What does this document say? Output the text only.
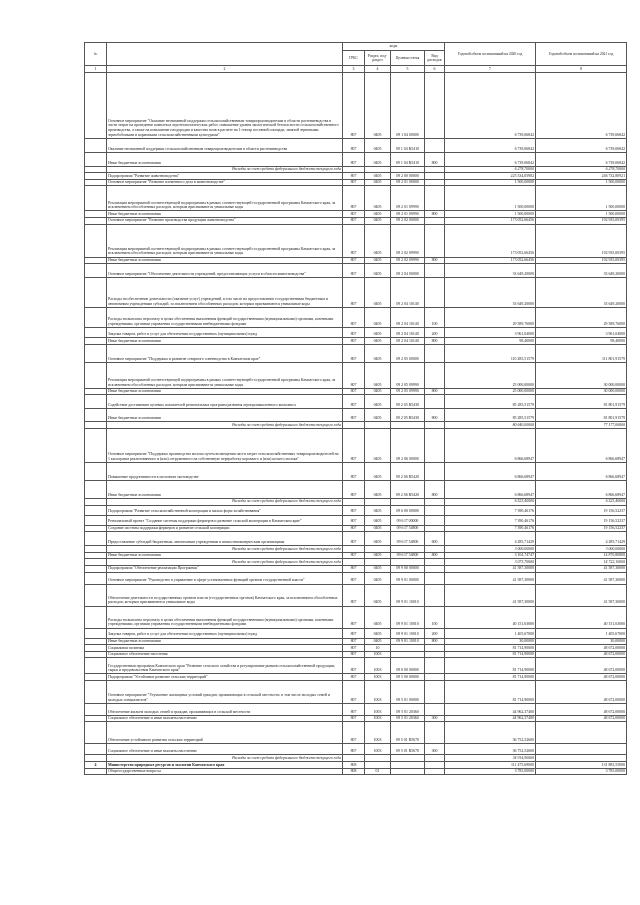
№		коды				Годовой объем ассигнований на 2020 год	Годовой объем ассигнований на 2021 год
		ГРБС	Раздел, под-раздел	Целевая статья	Вид расходов		
1	2	3	4	5	6	7	8
	Основное мероприятие "Оказание несвязанной поддержки сельскохозяйственным товаропроизводителям в области растениеводства в части затрат на проведение комплекса агротехнологических работ, повышение уровня экологической безопасности сельскохозяйственного производства, а также на повышение плодородия и качества почв в расчете на 1 гектар посевной площади, занятой зерновыми, зернобобовыми и кормовыми сельскохозяйственными культурами"	807	0405	09 1 04 00000		6 739,06842	6 739,06842
	Оказание несвязанной поддержки сельскохозяйственным товаропроизводителям в области растениеводства	807	0405	09 1 04 R5410		6 739,06842	6 739,06842
	Иные бюджетные ассигнования	807	0405	09 1 04 R5410	800	6 739,06842	6 739,06842
	Расходы за счет средств федерального бюджета текущего года					6 278,70000	6 278,70000
	Подпрограмма "Развитие животноводства"	807	0405	09 2 00 00000		225 334,05982	246 732,80921
	Основное мероприятие "Развитие племенного дела в животноводстве"	807	0405	09 2 01 00000		1 500,00000	1 500,00000
	Реализация мероприятий соответствующей подпрограммы в рамках соответствующей государственной программы Камчатского края, за исключением обособленных расходов, которым присваиваются уникальные коды	807	0405	09 2 01 09990		1 500,00000	1 500,00000
	Иные бюджетные ассигнования	807	0405	09 2 01 09990	800	1 500,00000	1 500,00000
	Основное мероприятие "Развитие производства продукции животноводства"	807	0405	09 2 02 00000		173 052,66456	192 935,00395
	Реализация мероприятий соответствующей подпрограммы в рамках соответствующей государственной программы Камчатского края, за исключением обособленных расходов, которым присваиваются уникальные коды	807	0405	09 2 02 09990		173 052,66456	192 935,00395
	Иные бюджетные ассигнования	807	0405	09 2 02 09990	800	173 052,66456	192 935,00395
	Основное мероприятие "Обеспечение деятельности учреждений, предоставляющих услуги в области животноводства"	807	0405	09 2 04 00000		33 649,20000	33 649,20000
	Расходы на обеспечение деятельности (оказание услуг) учреждений, в том числе на предоставление государственным бюджетным и автономным учреждениям субсидий, за исключением обособленных расходов, которым присваиваются уникальные коды	807	0405	09 2 04 10140		33 649,20000	33 649,20000
	Расходы на выплаты персоналу в целях обеспечения выполнения функций государственными (муниципальными) органами, казенными учреждениями, органами управления государственными внебюджетными фондами	807	0405	09 2 04 10140	100	29 589,76000	29 589,76000
	Закупка товаров, работ и услуг для обеспечения государственных (муниципальных) нужд	807	0405	09 2 04 10140	200	3 961,04000	3 961,04000
	Иные бюджетные ассигнования	807	0405	09 2 04 10140	800	98,40000	98,40000
	Основное мероприятие "Поддержка и развитие северного оленеводства в Камчатском крае"	807	0405	09 2 05 00000		110 285,51579	111 801,91579
	Реализация мероприятий соответствующей подпрограммы в рамках соответствующей государственной программы Камчатского края, за исключением обособленных расходов, которым присваиваются уникальные коды	807	0405	09 2 05 09990		25 000,00000	30 000,00000
	Иные бюджетные ассигнования	807	0405	09 2 05 09990	800	25 000,00000	30 000,00000
	Содействие достижению целевых показателей региональных программ развития агропромышленного комплекса	807	0405	09 2 05 R5430		85 285,51579	81 801,91579
	Иные бюджетные ассигнования	807	0405	09 2 05 R5430	800	85 285,51579	81 801,91579
	Расходы за счет средств федерального бюджета текущего года					80 640,00000	77 177,00000
	Основное мероприятие "Поддержка производства молока путем возмещения части затрат сельскохозяйственных товаропроизводителей на 1 килограмм реализованного и (или) отгруженного на собственную переработку коровьего и (или) козьего молока"	807	0405	09 2 06 00000		6 866,68947	6 866,68947
	Повышение продуктивности в молочном скотоводстве	807	0405	09 2 06 R5420		6 866,68947	6 866,68947
	Иные бюджетные ассигнования	807	0405	09 2 06 R5420	800	6 866,68947	6 866,68947
	Расходы за счет средств федерального бюджета текущего года					6 523,40000	6 523,40000
	Подпрограмма "Развитие сельскохозяйственной кооперации и малых форм хозяйствования"	807	0405	09 6 00 00000		7 390,46176	19 156,52237
	Региональный проект "Создание системы поддержки фермеров и развитие сельской кооперации в Камчатском крае"	807	0405	09 6 I7 00000		7 390,46176	19 156,52237
	Создание системы поддержки фермеров и развитие сельской кооперации	807	0405	09 6 I7 54800		7 390,46176	19 156,52237
	Предоставление субсидий бюджетным, автономным учреждениям и иным некоммерческим организациям	807	0405	09 6 I7 54800	600	4 285,71429	4 285,71429
	Расходы за счет средств федерального бюджета текущего года					3 000,00000	3 000,00000
	Иные бюджетные ассигнования	807	0405	09 6 I7 54800	800	3 104,74747	14 870,80808
	Расходы за счет средств федерального бюджета текущего года					3 073,70000	14 722,10000
	Подпрограмма "Обеспечение реализации Программы"	807	0405	09 9 00 00000		41 587,30000	41 587,30000
	Основное мероприятие "Руководство и управление в сфере установленных функций органов государственной власти"	807	0405	09 9 01 00000		41 587,30000	41 587,30000
	Обеспечение деятельности государственных органов власти (государственных органов) Камчатского края, за исключением обособленных расходов, которым присваиваются уникальные коды	807	0405	09 9 01 10010		41 587,30000	41 587,30000
	Расходы на выплаты персоналу в целях обеспечения выполнения функций государственными (муниципальными) органами, казенными учреждениями, органами управления государственными внебюджетными фондами	807	0405	09 9 01 10010	100	40 151,63000	40 151,63000
	Закупка товаров, работ и услуг для обеспечения государственных (муниципальных) нужд	807	0405	09 9 01 10010	200	1 405,67000	1 405,67000
	Иные бюджетные ассигнования	807	0405	09 9 01 10010	800	30,00000	30,00000
	Социальная политика	807	10			81 714,90000	48 672,00000
	Социальное обеспечение населения	807	1003			81 714,90000	48 672,00000
	Государственная программа Камчатского края "Развитие сельского хозяйства и регулирование рынков сельскохозяйственной продукции, сырья и продовольствия Камчатского края"	807	1003	09 0 00 00000		81 714,90000	48 672,00000
	Подпрограмма "Устойчивое развитие сельских территорий"	807	1003	09 5 00 00000		81 714,90000	48 672,00000
	Основное мероприятие "Улучшение жилищных условий граждан, проживающих в сельской местности, в том числе молодых семей и молодых специалистов"	807	1003	09 5 01 00000		81 714,90000	48 672,00000
	Обеспечение жильем молодых семей и граждан, проживающих в сельской местности	807	1003	09 5 01 20360		44 962,37400	48 672,00000
	Социальное обеспечение и иные выплаты населению	807	1003	09 5 01 20360	300	44 962,37400	48 672,00000
	Обеспечение устойчивого развития сельских территорий	807	1003	09 5 01 R5670		36 752,52600	
	Социальное обеспечение и иные выплаты населению	807	1003	09 5 01 R5670	300	36 752,52600	
	Расходы за счет средств федерального бюджета текущего года					34 914,90000	
4	Министерство природных ресурсов и экологии Камчатского края	808				111 475,69000	131 883,55000
	Общегосударственные вопросы	808	01			3 785,00000	3 785,00000
